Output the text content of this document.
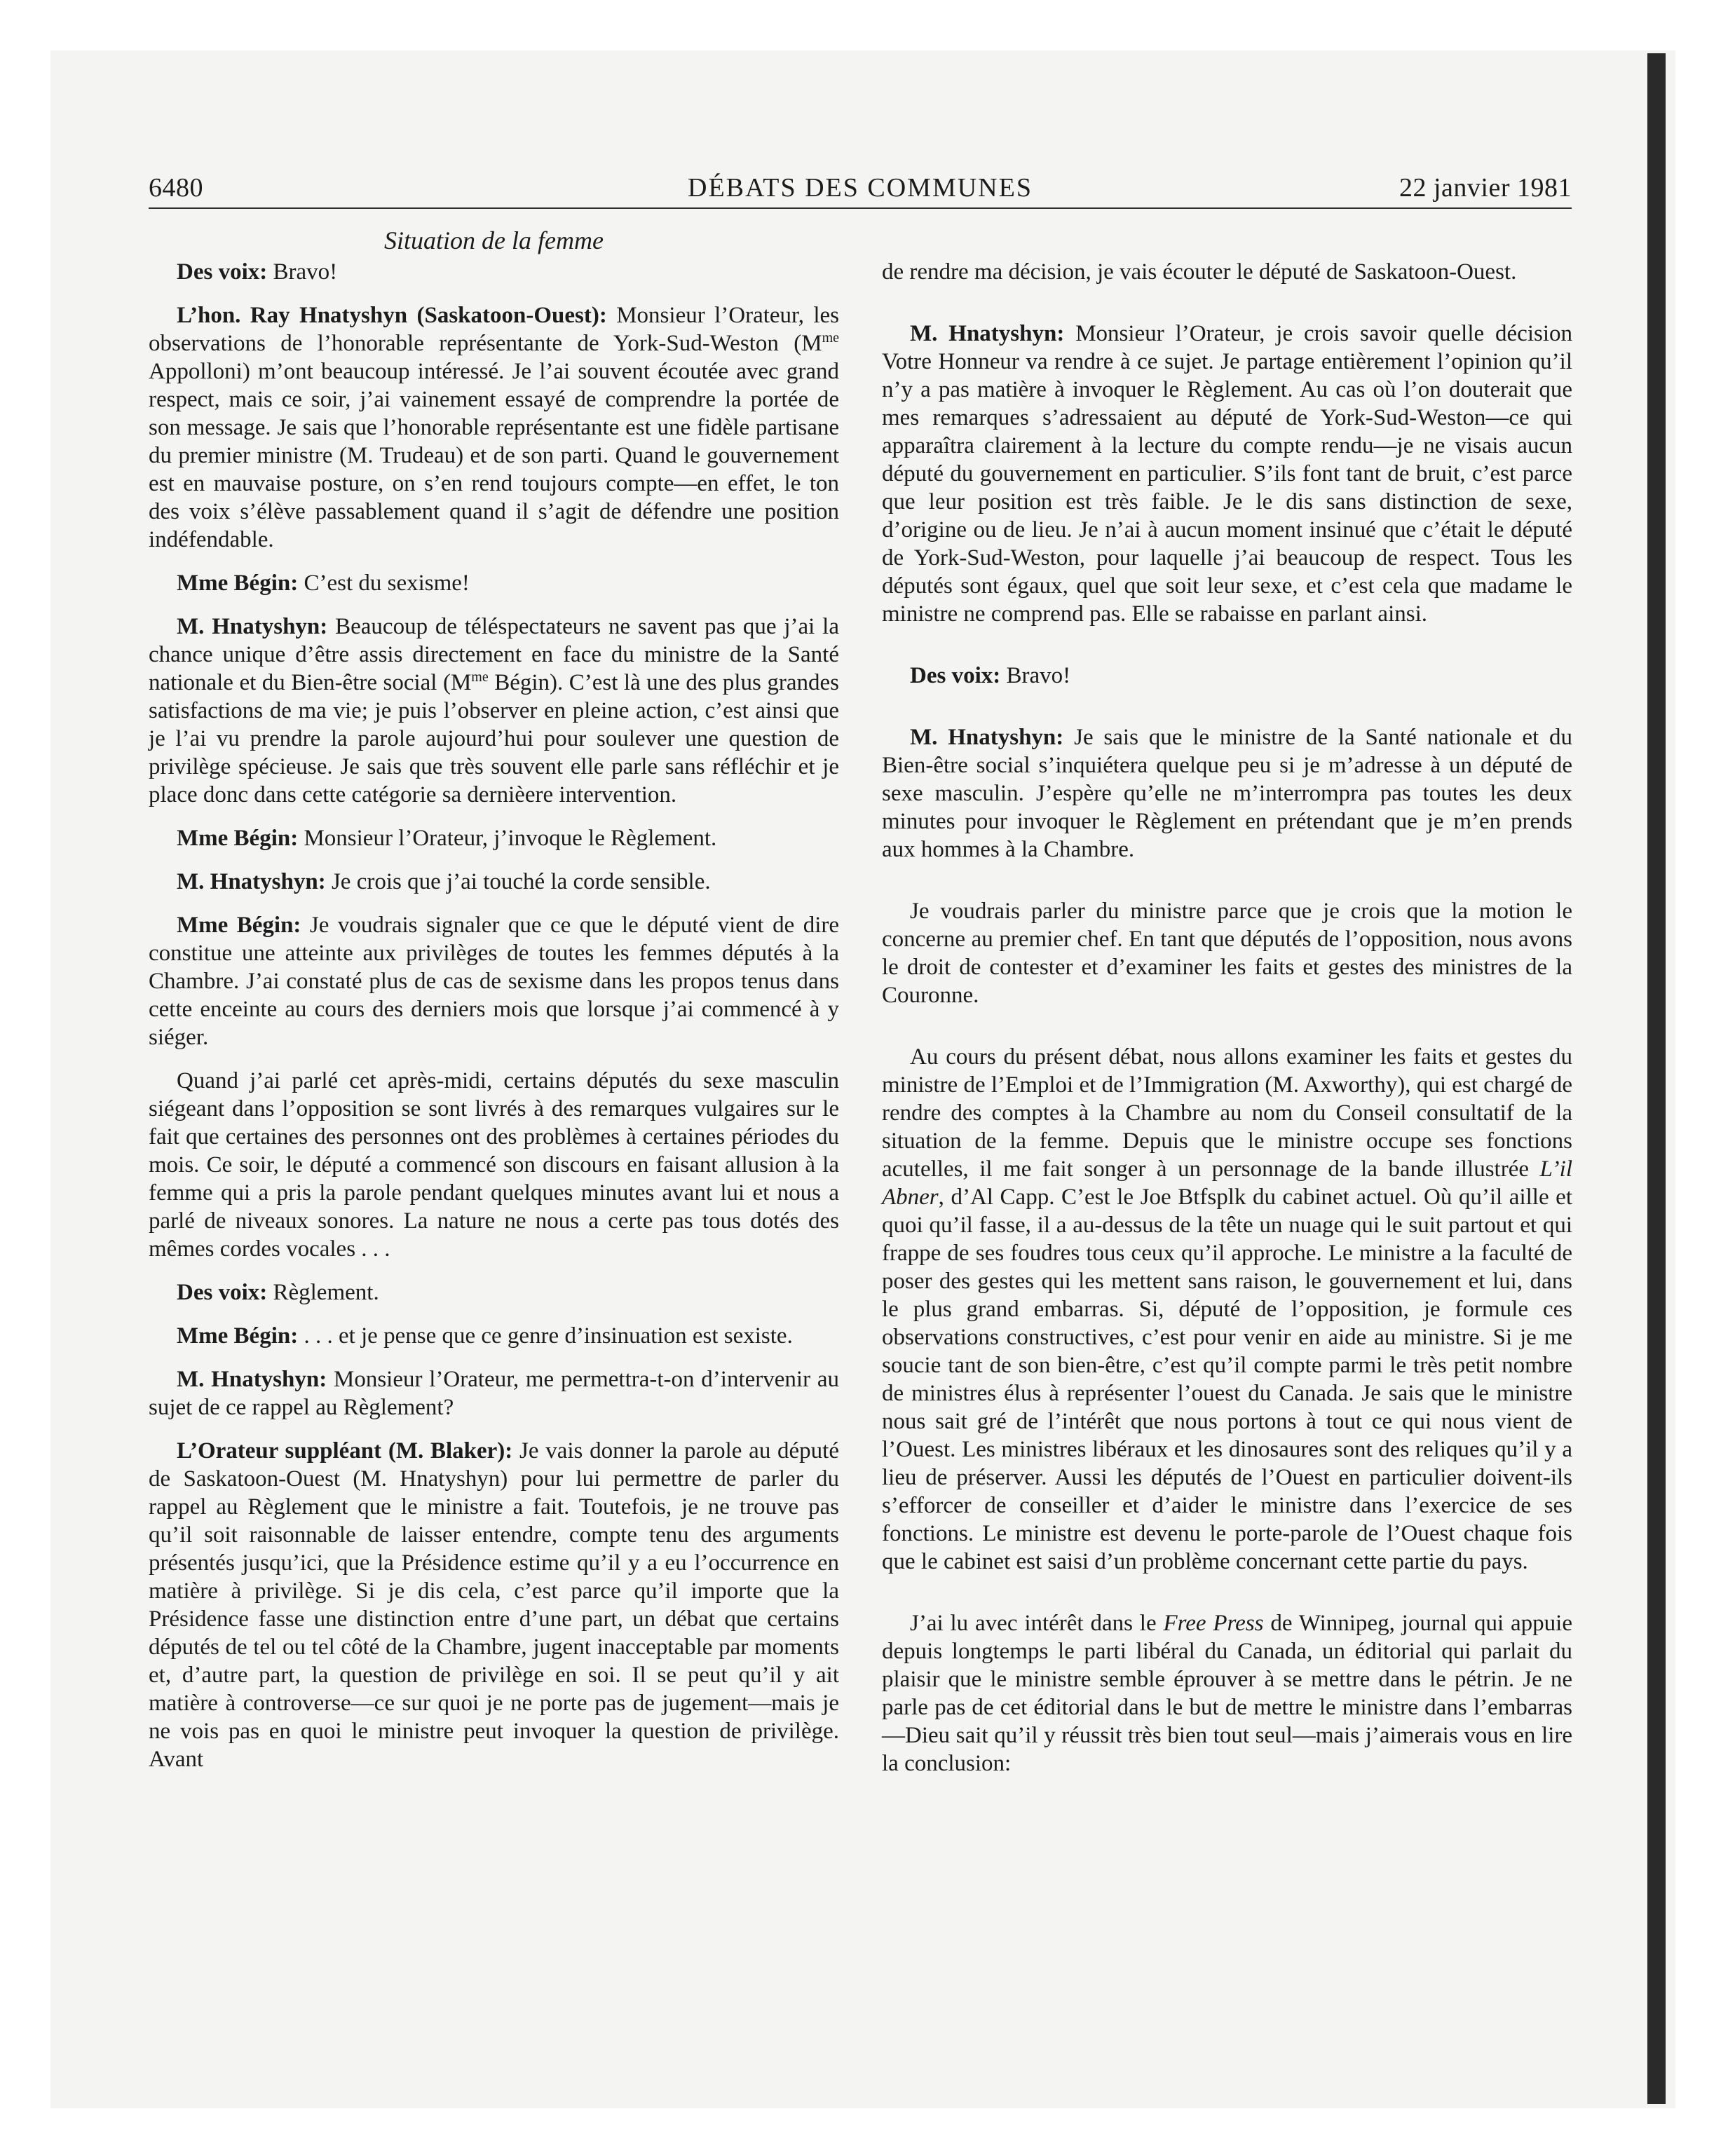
6480	DÉBATS DES COMMUNES	22 janvier 1981
Situation de la femme

Des voix: Bravo!

L’hon. Ray Hnatyshyn (Saskatoon-Ouest): Monsieur l’Orateur, les observations de l’honorable représentante de York-Sud-Weston ($M^{me}$ Appolloni) m’ont beaucoup intéressé. Je l’ai souvent écoutée avec grand respect, mais ce soir, j’ai vainement essayé de comprendre la portée de son message. Je sais que l’honorable représentante est une fidèle partisane du premier ministre (M. Trudeau) et de son parti. Quand le gouvernement est en mauvaise posture, on s’en rend toujours compte—en effet, le ton des voix s’élève passablement quand il s’agit de défendre une position indéfendable.

Mme Bégin: C’est du sexisme!

M. Hnatyshyn: Beaucoup de téléspectateurs ne savent pas que j’ai la chance unique d’être assis directement en face du ministre de la Santé nationale et du Bien-être social ($M^{me}$ Bégin). C’est là une des plus grandes satisfactions de ma vie; je puis l’observer en pleine action, c’est ainsi que je l’ai vu prendre la parole aujourd’hui pour soulever une question de privilège spécieuse. Je sais que très souvent elle parle sans réfléchir et je place donc dans cette catégorie sa dernièere intervention.

Mme Bégin: Monsieur l’Orateur, j’invoque le Règlement.

M. Hnatyshyn: Je crois que j’ai touché la corde sensible.

Mme Bégin: Je voudrais signaler que ce que le député vient de dire constitue une atteinte aux privilèges de toutes les femmes députés à la Chambre. J’ai constaté plus de cas de sexisme dans les propos tenus dans cette enceinte au cours des derniers mois que lorsque j’ai commencé à y siéger.

Quand j’ai parlé cet après-midi, certains députés du sexe masculin siégeant dans l’opposition se sont livrés à des remarques vulgaires sur le fait que certaines des personnes ont des problèmes à certaines périodes du mois. Ce soir, le député a commencé son discours en faisant allusion à la femme qui a pris la parole pendant quelques minutes avant lui et nous a parlé de niveaux sonores. La nature ne nous a certe pas tous dotés des mêmes cordes vocales . . .

Des voix: Règlement.

Mme Bégin: . . . et je pense que ce genre d’insinuation est sexiste.

M. Hnatyshyn: Monsieur l’Orateur, me permettra-t-on d’intervenir au sujet de ce rappel au Règlement?

L’Orateur suppléant (M. Blaker): Je vais donner la parole au député de Saskatoon-Ouest (M. Hnatyshyn) pour lui permettre de parler du rappel au Règlement que le ministre a fait. Toutefois, je ne trouve pas qu’il soit raisonnable de laisser entendre, compte tenu des arguments présentés jusqu’ici, que la Présidence estime qu’il y a eu l’occurrence en matière à privilège. Si je dis cela, c’est parce qu’il importe que la Présidence fasse une distinction entre d’une part, un débat que certains députés de tel ou tel côté de la Chambre, jugent inacceptable par moments et, d’autre part, la question de privilège en soi. Il se peut qu’il y ait matière à controverse—ce sur quoi je ne porte pas de jugement—mais je ne vois pas en quoi le ministre peut invoquer la question de privilège. Avant

de rendre ma décision, je vais écouter le député de Saskatoon-Ouest.

M. Hnatyshyn: Monsieur l’Orateur, je crois savoir quelle décision Votre Honneur va rendre à ce sujet. Je partage entièrement l’opinion qu’il n’y a pas matière à invoquer le Règlement. Au cas où l’on douterait que mes remarques s’adressaient au député de York-Sud-Weston—ce qui apparaîtra clairement à la lecture du compte rendu—je ne visais aucun député du gouvernement en particulier. S’ils font tant de bruit, c’est parce que leur position est très faible. Je le dis sans distinction de sexe, d’origine ou de lieu. Je n’ai à aucun moment insinué que c’était le député de York-Sud-Weston, pour laquelle j’ai beaucoup de respect. Tous les députés sont égaux, quel que soit leur sexe, et c’est cela que madame le ministre ne comprend pas. Elle se rabaisse en parlant ainsi.

Des voix: Bravo!

M. Hnatyshyn: Je sais que le ministre de la Santé nationale et du Bien-être social s’inquiétera quelque peu si je m’adresse à un député de sexe masculin. J’espère qu’elle ne m’interrompra pas toutes les deux minutes pour invoquer le Règlement en prétendant que je m’en prends aux hommes à la Chambre.

Je voudrais parler du ministre parce que je crois que la motion le concerne au premier chef. En tant que députés de l’opposition, nous avons le droit de contester et d’examiner les faits et gestes des ministres de la Couronne.

Au cours du présent débat, nous allons examiner les faits et gestes du ministre de l’Emploi et de l’Immigration (M. Axworthy), qui est chargé de rendre des comptes à la Chambre au nom du Conseil consultatif de la situation de la femme. Depuis que le ministre occupe ses fonctions acutelles, il me fait songer à un personnage de la bande illustrée L’il Abner, d’Al Capp. C’est le Joe Btfsplk du cabinet actuel. Où qu’il aille et quoi qu’il fasse, il a au-dessus de la tête un nuage qui le suit partout et qui frappe de ses foudres tous ceux qu’il approche. Le ministre a la faculté de poser des gestes qui les mettent sans raison, le gouvernement et lui, dans le plus grand embarras. Si, député de l’opposition, je formule ces observations constructives, c’est pour venir en aide au ministre. Si je me soucie tant de son bien-être, c’est qu’il compte parmi le très petit nombre de ministres élus à représenter l’ouest du Canada. Je sais que le ministre nous sait gré de l’intérêt que nous portons à tout ce qui nous vient de l’Ouest. Les ministres libéraux et les dinosaures sont des reliques qu’il y a lieu de préserver. Aussi les députés de l’Ouest en particulier doivent-ils s’efforcer de conseiller et d’aider le ministre dans l’exercice de ses fonctions. Le ministre est devenu le porte-parole de l’Ouest chaque fois que le cabinet est saisi d’un problème concernant cette partie du pays.

J’ai lu avec intérêt dans le Free Press de Winnipeg, journal qui appuie depuis longtemps le parti libéral du Canada, un éditorial qui parlait du plaisir que le ministre semble éprouver à se mettre dans le pétrin. Je ne parle pas de cet éditorial dans le but de mettre le ministre dans l’embarras—Dieu sait qu’il y réussit très bien tout seul—mais j’aimerais vous en lire la conclusion:
